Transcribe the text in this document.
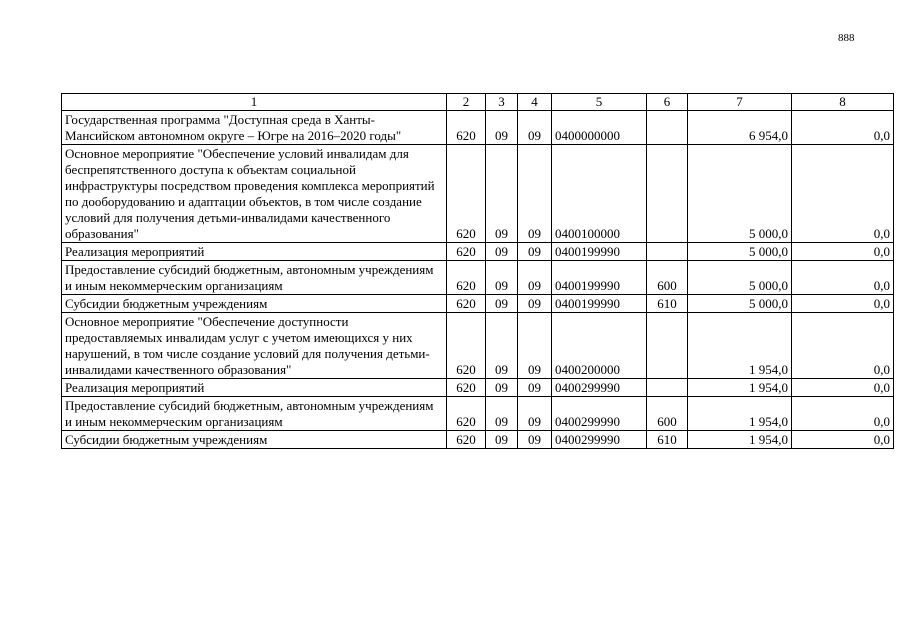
888
1	2	3	4	5	6	7	8
Государственная программа "Доступная среда в Ханты-Мансийском автономном округе – Югре на 2016–2020 годы"	620	09	09	0400000000		6 954,0	0,0
Основное мероприятие "Обеспечение условий инвалидам для беспрепятственного доступа к объектам социальной инфраструктуры посредством проведения комплекса мероприятий по дооборудованию и адаптации объектов, в том числе создание условий для получения детьми-инвалидами качественного образования"	620	09	09	0400100000		5 000,0	0,0
Реализация мероприятий	620	09	09	0400199990		5 000,0	0,0
Предоставление субсидий бюджетным, автономным учреждениям и иным некоммерческим организациям	620	09	09	0400199990	600	5 000,0	0,0
Субсидии бюджетным учреждениям	620	09	09	0400199990	610	5 000,0	0,0
Основное мероприятие "Обеспечение доступности предоставляемых инвалидам услуг с учетом имеющихся у них нарушений, в том числе создание условий для получения детьми-инвалидами качественного образования"	620	09	09	0400200000		1 954,0	0,0
Реализация мероприятий	620	09	09	0400299990		1 954,0	0,0
Предоставление субсидий бюджетным, автономным учреждениям и иным некоммерческим организациям	620	09	09	0400299990	600	1 954,0	0,0
Субсидии бюджетным учреждениям	620	09	09	0400299990	610	1 954,0	0,0
